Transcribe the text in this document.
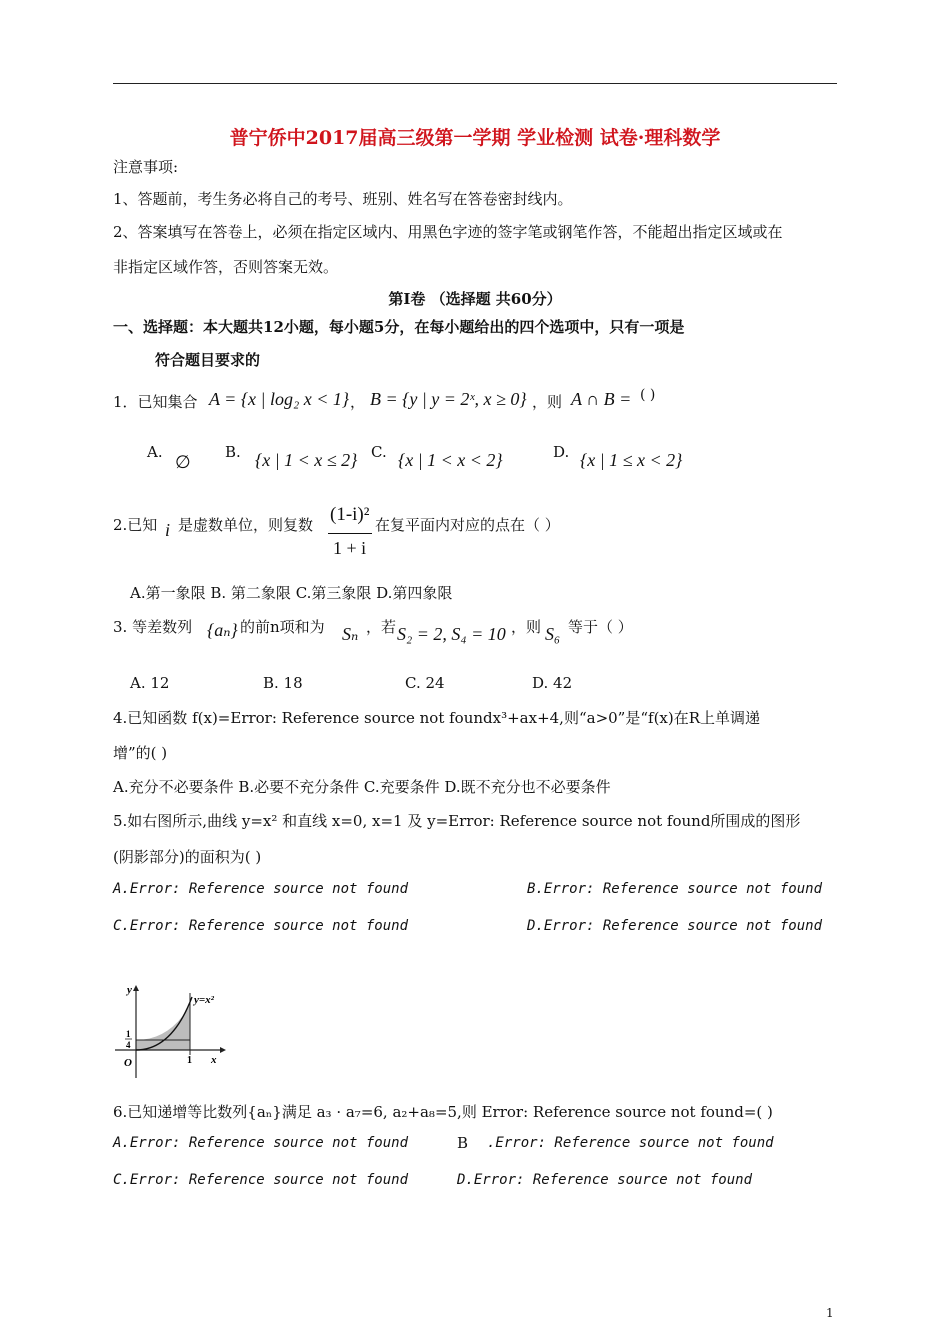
普宁侨中2017届高三级第一学期 学业检测 试卷·理科数学
注意事项:
1、答题前，考生务必将自己的考号、班别、姓名写在答卷密封线内。
2、答案填写在答卷上，必须在指定区域内、用黑色字迹的签字笔或钢笔作答，不能超出指定区域或在
非指定区域作答，否则答案无效。
第Ⅰ卷 （选择题 共60分）
一、选择题：本大题共12小题，每小题5分，在每小题给出的四个选项中，只有一项是
符合题目要求的
1．已知集合 A = {x | log₂ x < 1} ， B = {y | y = 2ˣ, x ≥ 0} ，则 A ∩ B = ( )
A. ∅ B. {x | 1 < x ≤ 2} C. {x | 1 < x < 2}	D. {x | 1 ≤ x < 2}
2.已知 i 是虚数单位，则复数 (1-i)²
1 + i
在复平面内对应的点在（ ）
A.第一象限 B. 第二象限 C.第三象限 D.第四象限
3. 等差数列 {aₙ} 的前n项和为 Sₙ ，若 S₂ = 2, S₄ = 10 ，则 S₆ 等于（ ）
A. 12	B. 18	C. 24	D. 42
4.已知函数 f(x)=Error: Reference source not foundx³+ax+4,则“a>0”是“f(x)在R上单调递
增”的( )
A.充分不必要条件 B.必要不充分条件 C.充要条件 D.既不充分也不必要条件
5.如右图所示,曲线 y=x² 和直线 x=0, x=1 及 y=Error: Reference source not found所围成的图形
(阴影部分)的面积为( )
A.Error: Reference source not found	B.Error: Reference source not found
C.Error: Reference source not found	D.Error: Reference source not found
y=x²
y
x
O	1
1
4
6.已知递增等比数列{aₙ}满足 a₃ · a₇=6, a₂+a₈=5,则 Error: Reference source not found=( )
A.Error: Reference source not found	B .Error: Reference source not found
C.Error: Reference source not found	D.Error: Reference source not found
1
